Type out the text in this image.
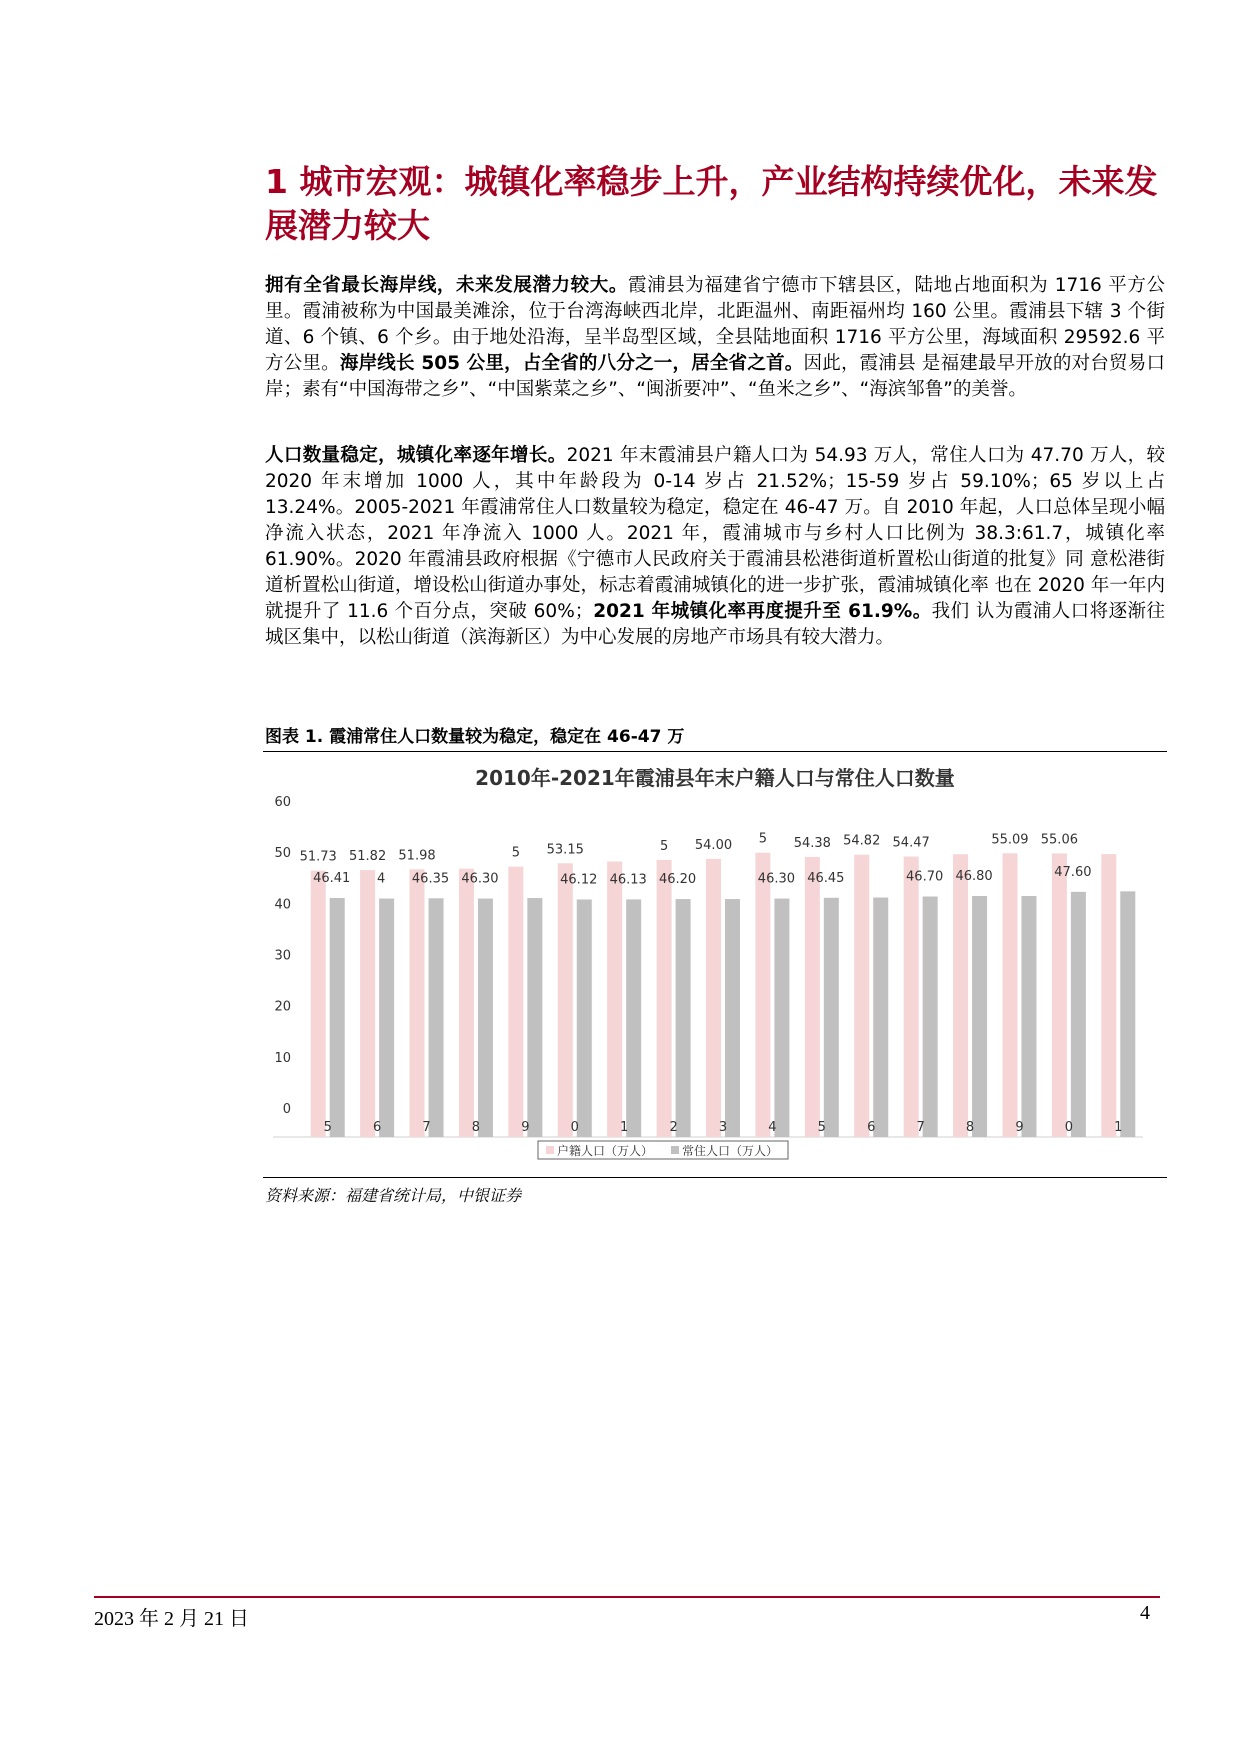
1 城市宏观：城镇化率稳步上升，产业结构持续优化，未来发展潜力较大
拥有全省最长海岸线，未来发展潜力较大。霞浦县为福建省宁德市下辖县区，陆地占地面积为 1716 平方公里。霞浦被称为中国最美滩涂，位于台湾海峡西北岸，北距温州、南距福州均 160 公里。霞浦县下辖 3 个街道、6 个镇、6 个乡。由于地处沿海，呈半岛型区域，全县陆地面积 1716 平方公里，海域面积 29592.6 平方公里。海岸线长 505 公里，占全省的八分之一，居全省之首。因此，霞浦县 是福建最早开放的对台贸易口岸；素有“中国海带之乡”、“中国紫菜之乡”、“闽浙要冲”、“鱼米之乡”、“海滨邹鲁”的美誉。
人口数量稳定，城镇化率逐年增长。2021 年末霞浦县户籍人口为 54.93 万人，常住人口为 47.70 万人，较 2020 年末增加 1000 人，其中年龄段为 0-14 岁占 21.52%；15-59 岁占 59.10%；65 岁以上占 13.24%。2005-2021 年霞浦常住人口数量较为稳定，稳定在 46-47 万。自 2010 年起，人口总体呈现小幅净流入状态，2021 年净流入 1000 人。2021 年，霞浦城市与乡村人口比例为 38.3:61.7，城镇化率 61.90%。2020 年霞浦县政府根据《宁德市人民政府关于霞浦县松港街道析置松山街道的批复》同 意松港街道析置松山街道，增设松山街道办事处，标志着霞浦城镇化的进一步扩张，霞浦城镇化率 也在 2020 年一年内就提升了 11.6 个百分点，突破 60%；2021 年城镇化率再度提升至 61.9%。我们 认为霞浦人口将逐渐往城区集中，以松山街道（滨海新区）为中心发展的房地产市场具有较大潜力。
图表 1. 霞浦常住人口数量较为稳定，稳定在 46-47 万
2010年-2021年霞浦县年末户籍人口与常住人口数量
0
10
20
30
40
50
60
51.73
46.41
5
51.82
4
6
51.98
46.35
7
46.30
8
5
9
53.15
46.12
0
46.13
1
5
46.20
2
54.00
3
5
46.30
4
54.38
46.45
5
54.82
6
54.47
46.70
7
46.80
8
55.09
9
55.06
47.60
0	1
户籍人口（万人） 常住人口（万人）
资料来源：福建省统计局，中银证券
2023 年 2 月 21 日	4
